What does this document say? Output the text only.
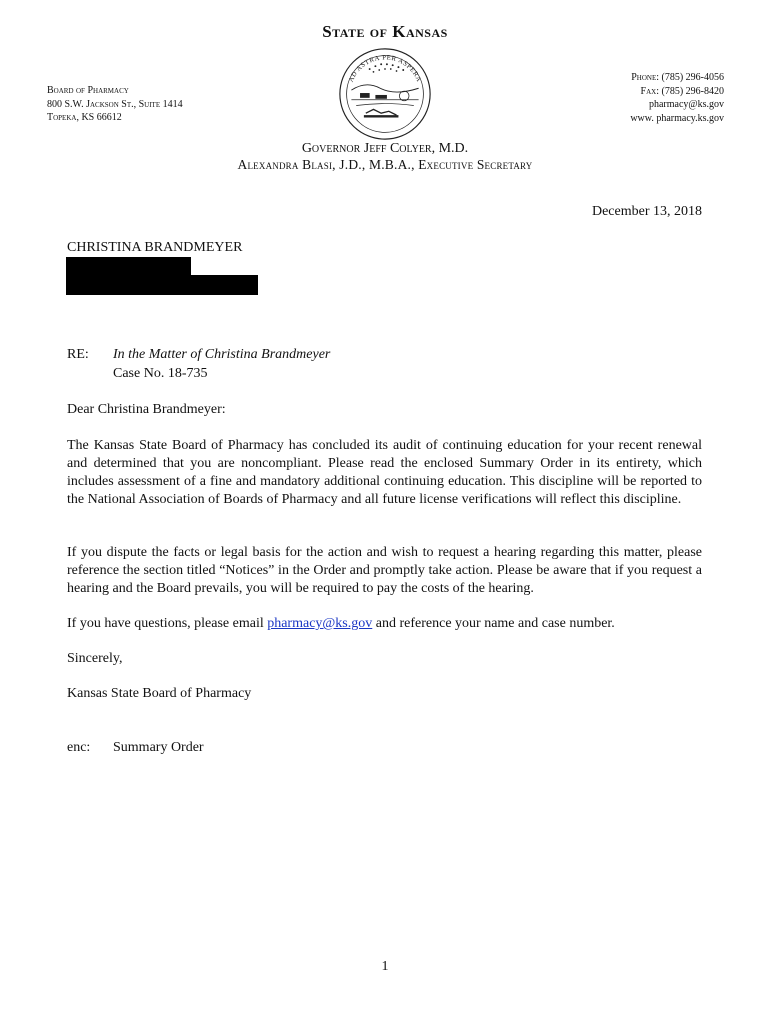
State of Kansas
AD ASTRA PER ASPERA
Board of Pharmacy
800 S.W. Jackson St., Suite 1414
Topeka, KS 66612
Phone: (785) 296-4056
Fax: (785) 296-8420
pharmacy@ks.gov
www. pharmacy.ks.gov
Governor Jeff Colyer, M.D.
Alexandra Blasi, J.D., M.B.A., Executive Secretary
December 13, 2018
CHRISTINA BRANDMEYER
RE: In the Matter of Christina Brandmeyer
Case No. 18-735
Dear Christina Brandmeyer:

The Kansas State Board of Pharmacy has concluded its audit of continuing education for your recent renewal and determined that you are noncompliant. Please read the enclosed Summary Order in its entirety, which includes assessment of a fine and mandatory additional continuing education. This discipline will be reported to the National Association of Boards of Pharmacy and all future license verifications will reflect this discipline.

If you dispute the facts or legal basis for the action and wish to request a hearing regarding this matter, please reference the section titled “Notices” in the Order and promptly take action. Please be aware that if you request a hearing and the Board prevails, you will be required to pay the costs of the hearing.

If you have questions, please email pharmacy@ks.gov and reference your name and case number.

Sincerely,
Kansas State Board of Pharmacy
enc: Summary Order
1
